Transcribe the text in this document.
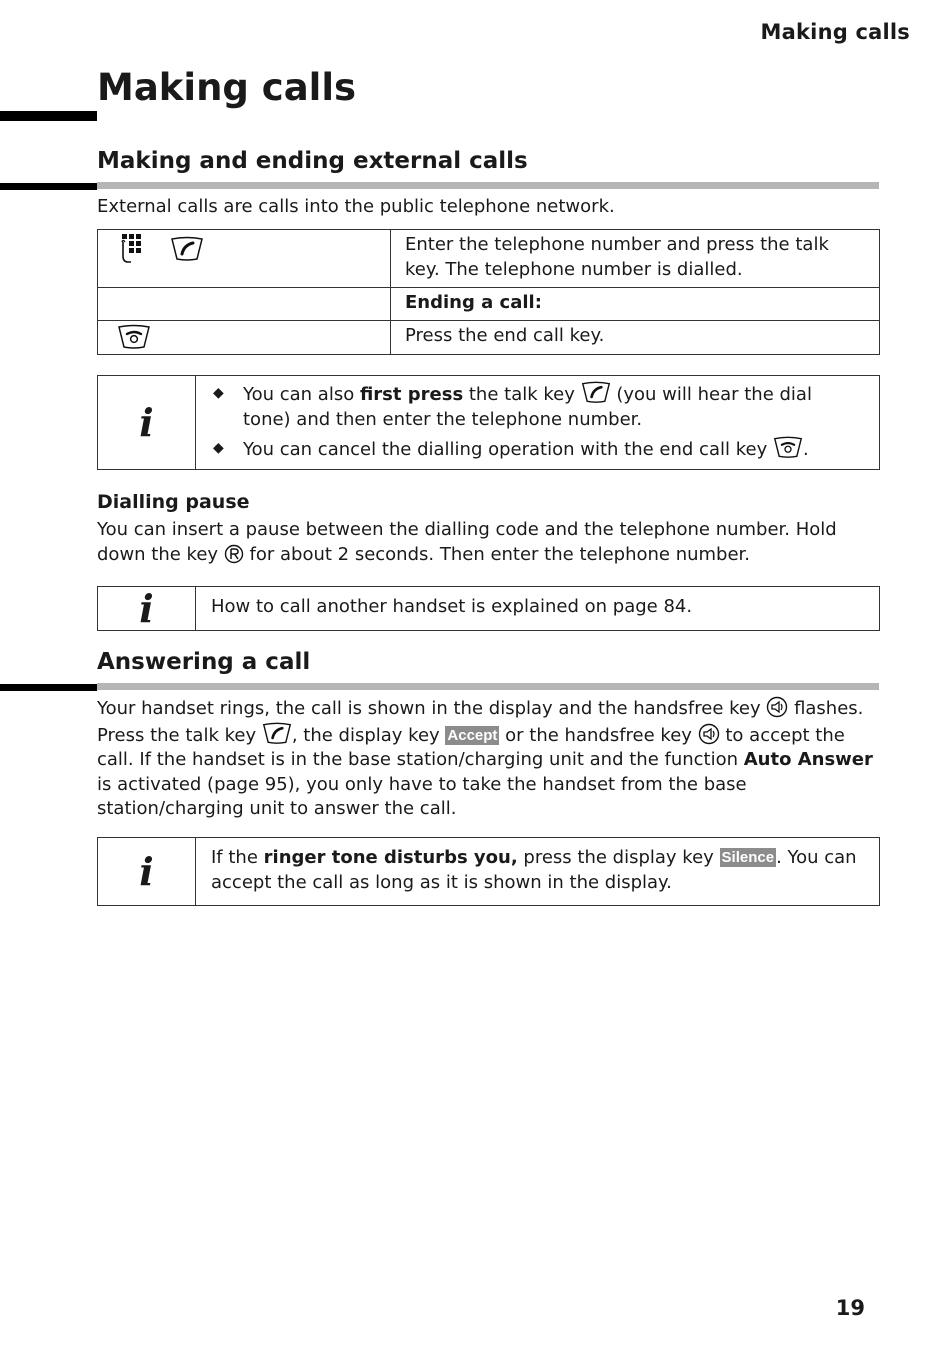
Making calls
Making calls
Making and ending external calls
External calls are calls into the public telephone network.
	Enter the telephone number and press the talk key. The telephone number is dialled.
	Ending a call:
	Press the end call key.
i
◆ You can also first press the talk key  (you will hear the dial tone) and then enter the telephone number.
◆ You can cancel the dialling operation with the end call key .
Dialling pause
You can insert a pause between the dialling code and the telephone number. Hold down the key  for about 2 seconds. Then enter the telephone number.
i	How to call another handset is explained on page 84.
Answering a call
Your handset rings, the call is shown in the display and the handsfree key  flashes. Press the talk key , the display key Accept or the handsfree key  to accept the call. If the handset is in the base station/charging unit and the function Auto Answer is activated (page 95), you only have to take the handset from the base station/charging unit to answer the call.
i	If the ringer tone disturbs you, press the display key Silence . You can accept the call as long as it is shown in the display.
19
